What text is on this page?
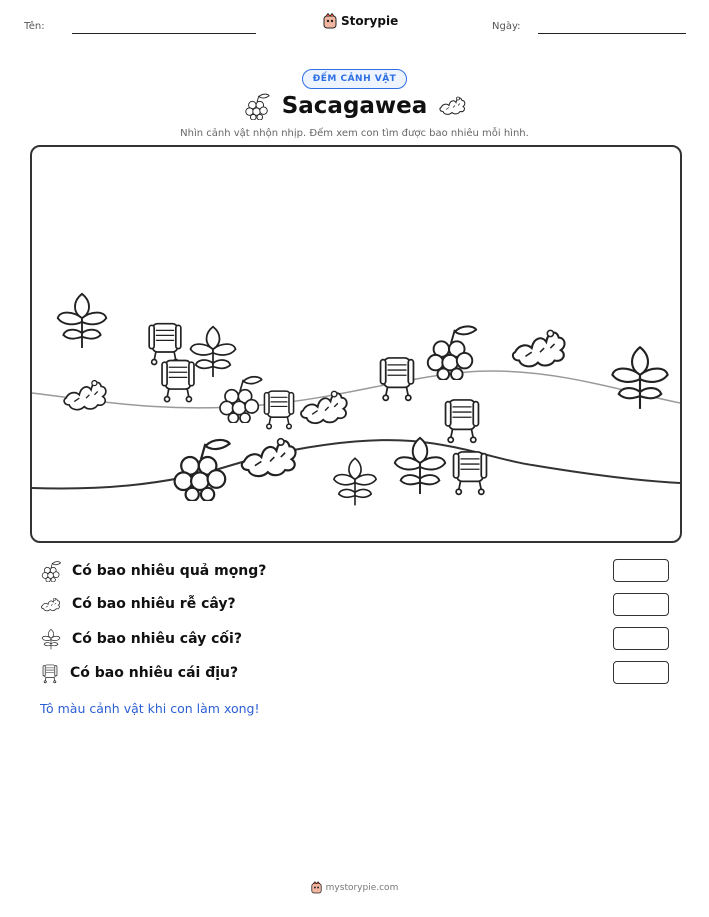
Tên:	Storypie	Ngày:
ĐẾM CẢNH VẬT
Sacagawea
Nhìn cảnh vật nhộn nhịp. Đếm xem con tìm được bao nhiêu mỗi hình.
Có bao nhiêu quả mọng?
Có bao nhiêu rễ cây?
Có bao nhiêu cây cối?
Có bao nhiêu cái địu?
Tô màu cảnh vật khi con làm xong!
mystorypie.com
